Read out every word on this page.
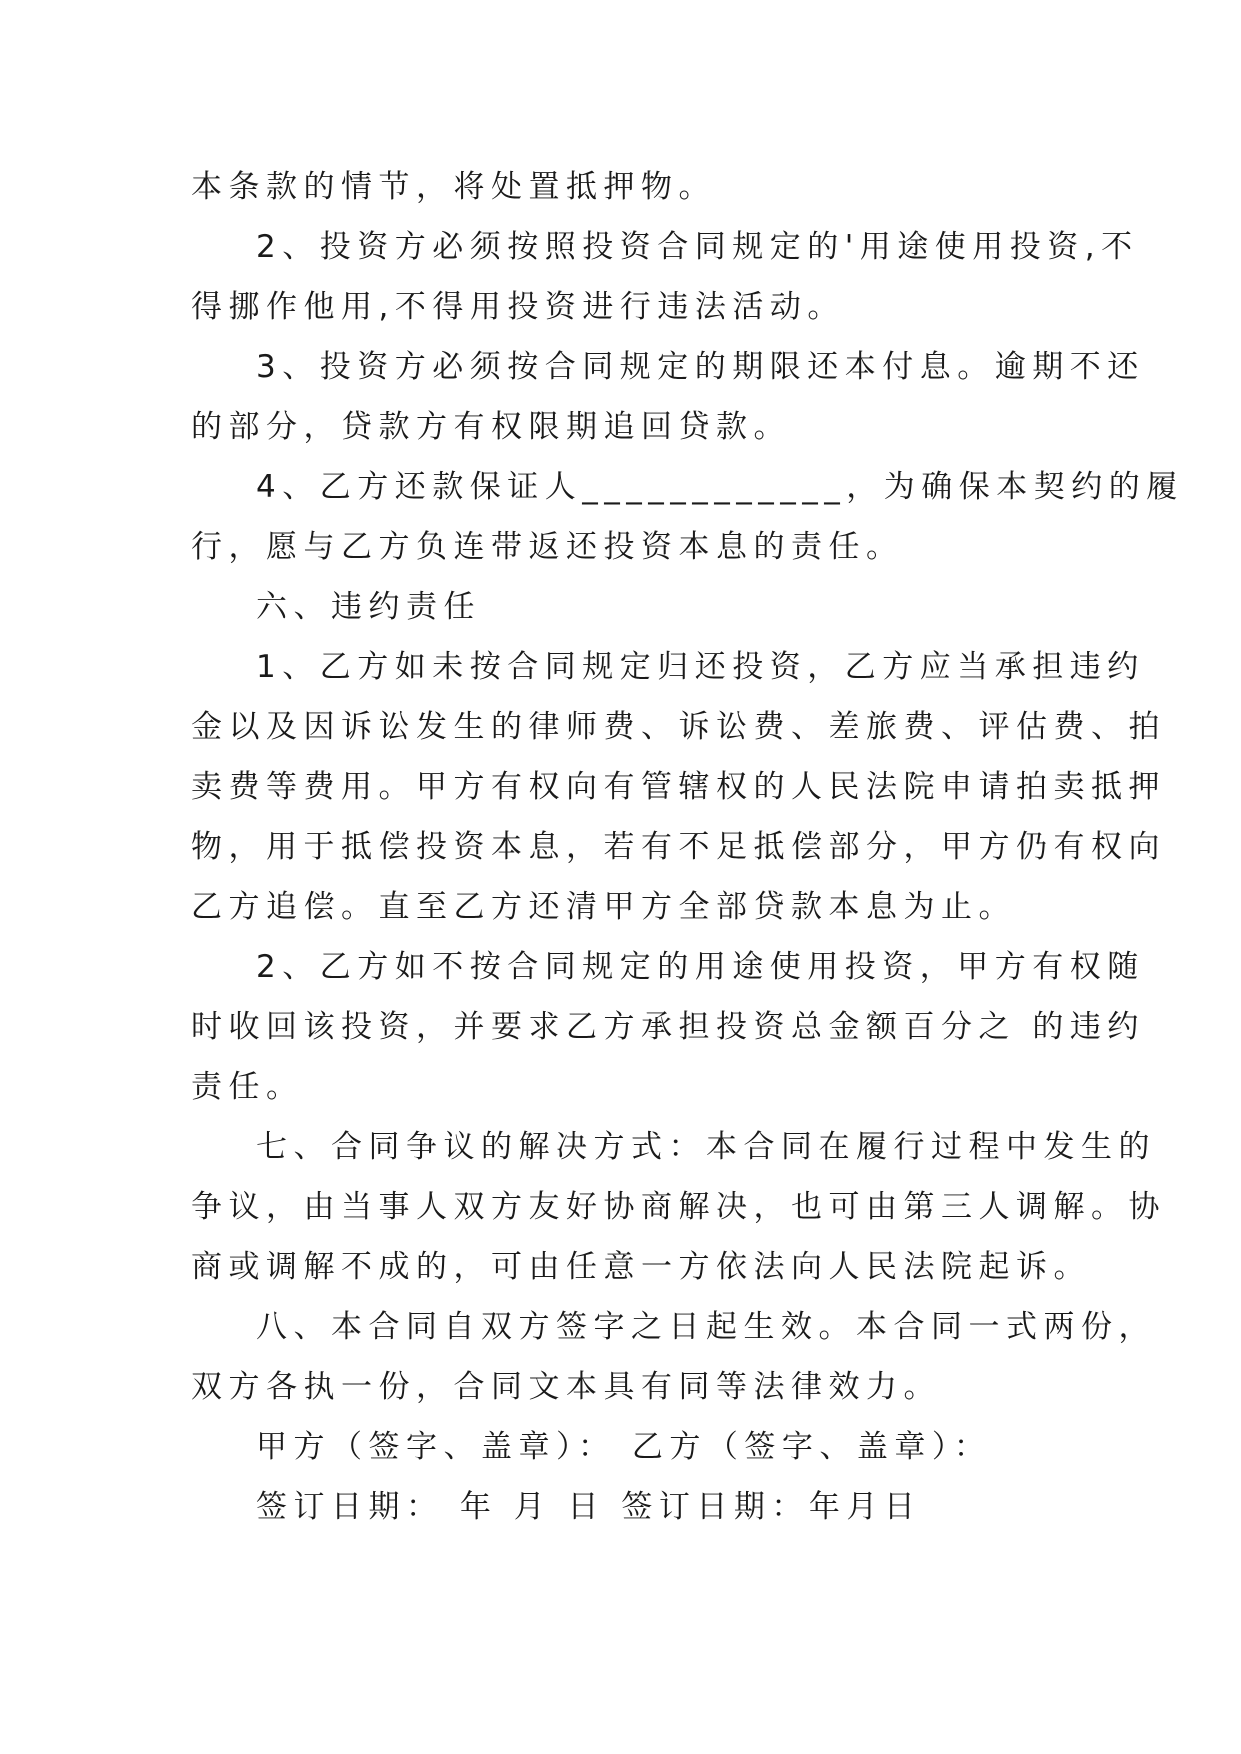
本条款的情节，将处置抵押物。
2、投资方必须按照投资合同规定的'用途使用投资,不
得挪作他用,不得用投资进行违法活动。
3、投资方必须按合同规定的期限还本付息。逾期不还
的部分，贷款方有权限期追回贷款。
4、乙方还款保证人____________，为确保本契约的履
行，愿与乙方负连带返还投资本息的责任。
六、违约责任
1、乙方如未按合同规定归还投资，乙方应当承担违约
金以及因诉讼发生的律师费、诉讼费、差旅费、评估费、拍
卖费等费用。甲方有权向有管辖权的人民法院申请拍卖抵押
物，用于抵偿投资本息，若有不足抵偿部分，甲方仍有权向
乙方追偿。直至乙方还清甲方全部贷款本息为止。
2、乙方如不按合同规定的用途使用投资，甲方有权随
时收回该投资，并要求乙方承担投资总金额百分之 的违约
责任。
七、合同争议的解决方式：本合同在履行过程中发生的
争议，由当事人双方友好协商解决，也可由第三人调解。协
商或调解不成的，可由任意一方依法向人民法院起诉。
八、本合同自双方签字之日起生效。本合同一式两份，
双方各执一份，合同文本具有同等法律效力。
甲方（签字、盖章）： 乙方（签字、盖章）：
签订日期： 年 月 日 签订日期：年月日
